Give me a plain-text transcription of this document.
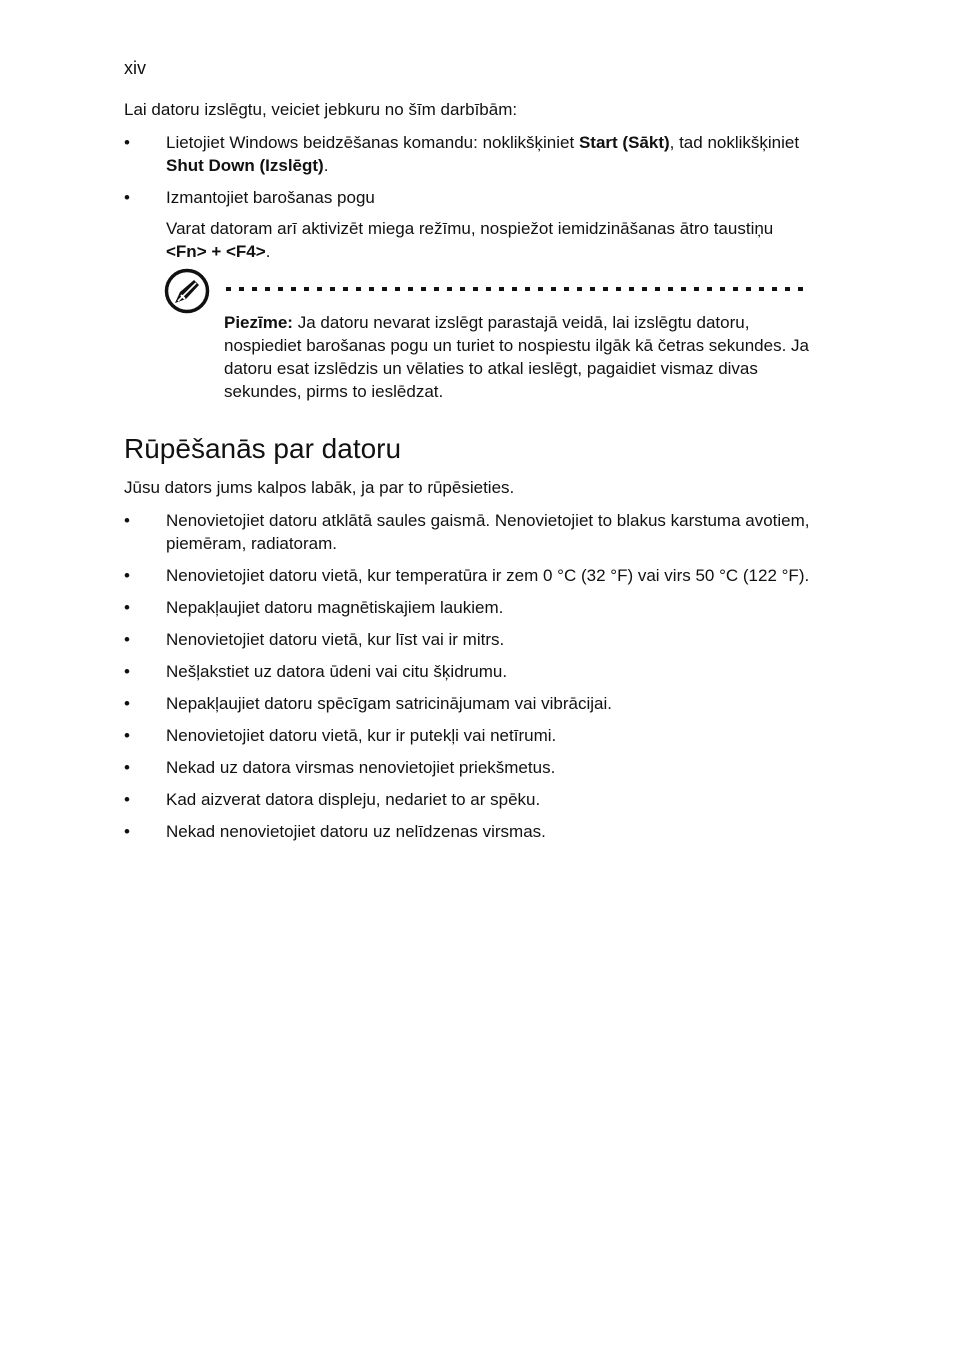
xiv
Lai datoru izslēgtu, veiciet jebkuru no šīm darbībām:
• Lietojiet Windows beidzēšanas komandu: noklikšķiniet Start (Sākt), tad noklikšķiniet Shut Down (Izslēgt).
• Izmantojiet barošanas pogu
Varat datoram arī aktivizēt miega režīmu, nospiežot iemidzināšanas ātro taustiņu <Fn> + <F4>.
Piezīme: Ja datoru nevarat izslēgt parastajā veidā, lai izslēgtu datoru, nospiediet barošanas pogu un turiet to nospiestu ilgāk kā četras sekundes. Ja datoru esat izslēdzis un vēlaties to atkal ieslēgt, pagaidiet vismaz divas sekundes, pirms to ieslēdzat.
Rūpēšanās par datoru
Jūsu dators jums kalpos labāk, ja par to rūpēsieties.
• Nenovietojiet datoru atklātā saules gaismā. Nenovietojiet to blakus karstuma avotiem, piemēram, radiatoram.
• Nenovietojiet datoru vietā, kur temperatūra ir zem 0 °C (32 °F) vai virs 50 °C (122 °F).
• Nepakļaujiet datoru magnētiskajiem laukiem.
• Nenovietojiet datoru vietā, kur līst vai ir mitrs.
• Nešļakstiet uz datora ūdeni vai citu šķidrumu.
• Nepakļaujiet datoru spēcīgam satricinājumam vai vibrācijai.
• Nenovietojiet datoru vietā, kur ir putekļi vai netīrumi.
• Nekad uz datora virsmas nenovietojiet priekšmetus.
• Kad aizverat datora displeju, nedariet to ar spēku.
• Nekad nenovietojiet datoru uz nelīdzenas virsmas.
